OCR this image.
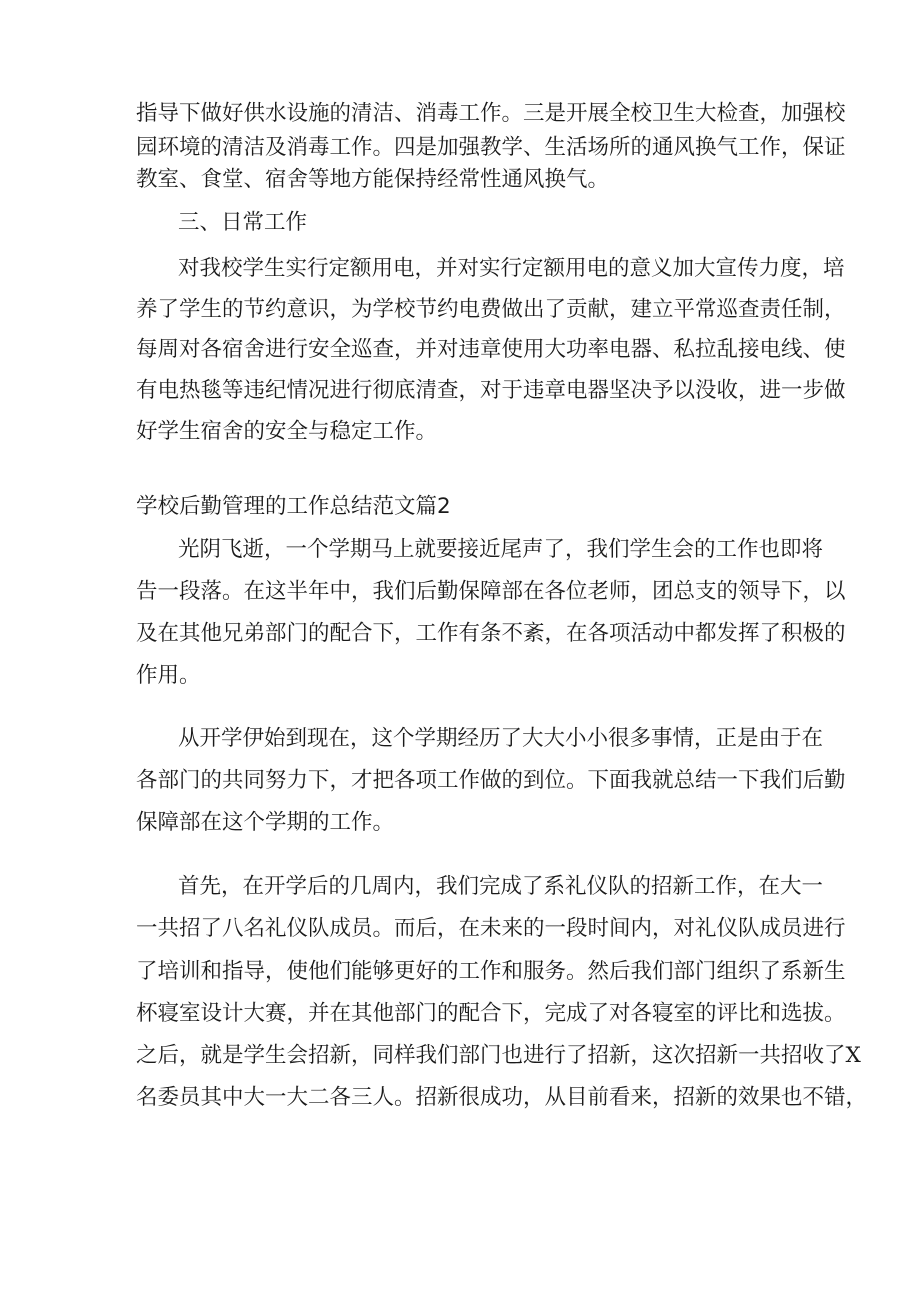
指导下做好供水设施的清洁、消毒工作。三是开展全校卫生大检查，加强校
园环境的清洁及消毒工作。四是加强教学、生活场所的通风换气工作，保证
教室、食堂、宿舍等地方能保持经常性通风换气。
三、日常工作
对我校学生实行定额用电，并对实行定额用电的意义加大宣传力度，培
养了学生的节约意识，为学校节约电费做出了贡献，建立平常巡查责任制，
每周对各宿舍进行安全巡查，并对违章使用大功率电器、私拉乱接电线、使
有电热毯等违纪情况进行彻底清查，对于违章电器坚决予以没收，进一步做
好学生宿舍的安全与稳定工作。
学校后勤管理的工作总结范文篇2
光阴飞逝，一个学期马上就要接近尾声了，我们学生会的工作也即将
告一段落。在这半年中，我们后勤保障部在各位老师，团总支的领导下，以
及在其他兄弟部门的配合下，工作有条不紊，在各项活动中都发挥了积极的
作用。
从开学伊始到现在，这个学期经历了大大小小很多事情，正是由于在
各部门的共同努力下，才把各项工作做的到位。下面我就总结一下我们后勤
保障部在这个学期的工作。
首先，在开学后的几周内，我们完成了系礼仪队的招新工作，在大一
一共招了八名礼仪队成员。而后，在未来的一段时间内，对礼仪队成员进行
了培训和指导，使他们能够更好的工作和服务。然后我们部门组织了系新生
杯寝室设计大赛，并在其他部门的配合下，完成了对各寝室的评比和选拔。
之后，就是学生会招新，同样我们部门也进行了招新，这次招新一共招收了X
名委员其中大一大二各三人。招新很成功，从目前看来，招新的效果也不错，
